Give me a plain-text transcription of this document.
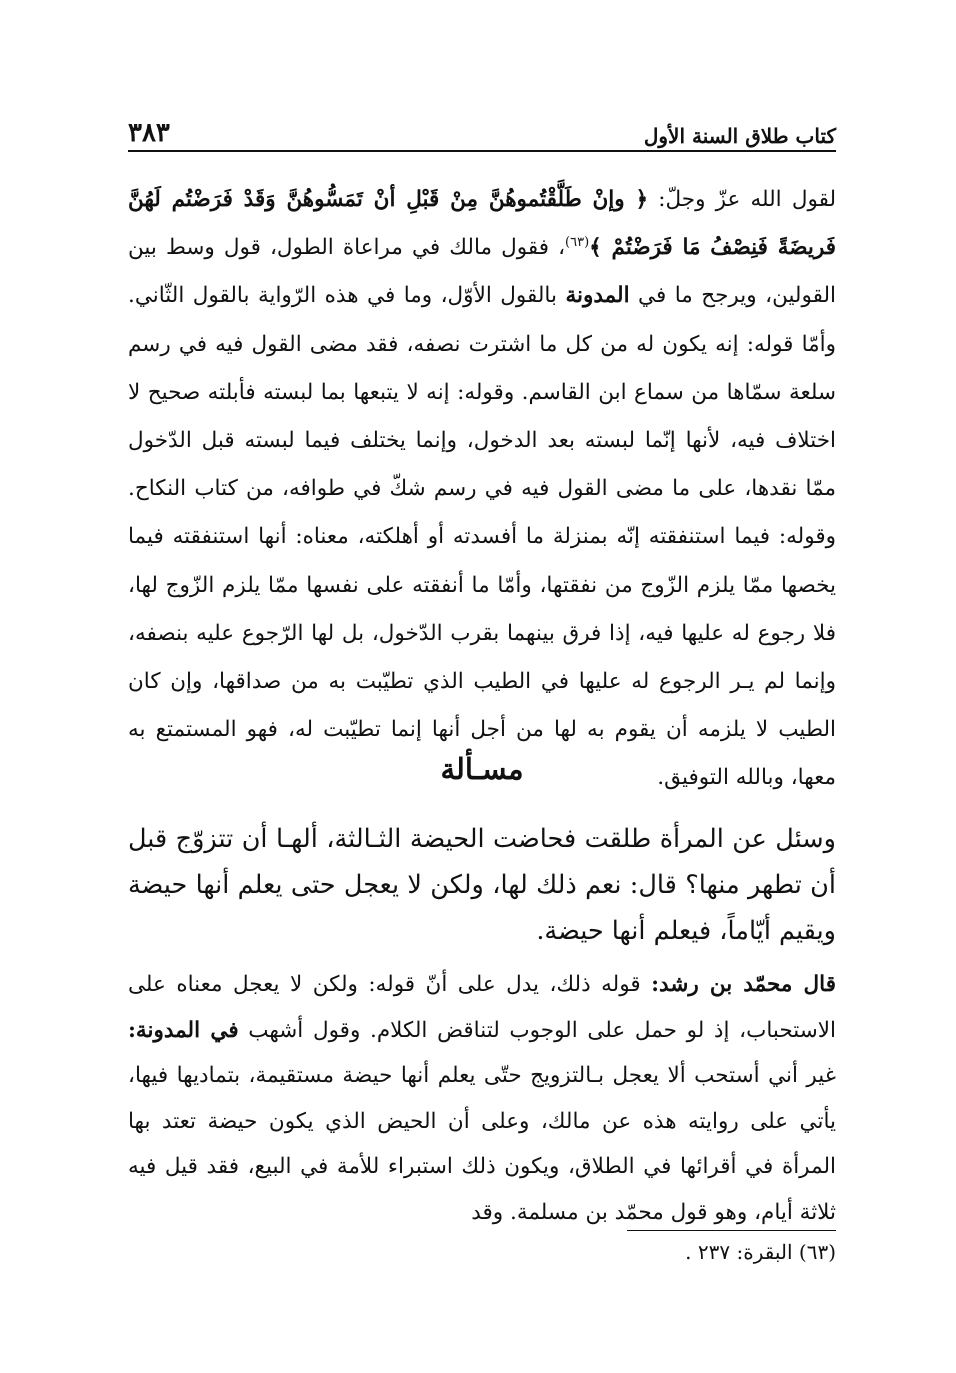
كتاب طلاق السنة الأول
٣٨٣
لقول الله عزّ وجلّ: ﴿ وإنْ طَلَّقْتُموهُنَّ مِنْ قَبْلِ أنْ تَمَسُّوهُنَّ وَقَدْ فَرَضْتُم لَهُنَّ فَريضَةً فَنِصْفُ مَا فَرَضْتُمْ ﴾$^{(٦٣)}$، فقول مالك في مراعاة الطول، قول وسط بين القولين، ويرجح ما في المدونة بالقول الأوّل، وما في هذه الرّواية بالقول الثّاني. وأمّا قوله: إنه يكون له من كل ما اشترت نصفه، فقد مضى القول فيه في رسم سلعة سمّاها من سماع ابن القاسم. وقوله: إنه لا يتبعها بما لبسته فأبلته صحيح لا اختلاف فيه، لأنها إنّما لبسته بعد الدخول، وإنما يختلف فيما لبسته قبل الدّخول ممّا نقدها، على ما مضى القول فيه في رسم شكّ في طوافه، من كتاب النكاح. وقوله: فيما استنفقته إنّه بمنزلة ما أفسدته أو أهلكته، معناه: أنها استنفقته فيما يخصها ممّا يلزم الزّوج من نفقتها، وأمّا ما أنفقته على نفسها ممّا يلزم الزّوج لها، فلا رجوع له عليها فيه، إذا فرق بينهما بقرب الدّخول، بل لها الرّجوع عليه بنصفه، وإنما لم يـر الرجوع له عليها في الطيب الذي تطيّبت به من صداقها، وإن كان الطيب لا يلزمه أن يقوم به لها من أجل أنها إنما تطيّبت له، فهو المستمتع به معها، وبالله التوفيق.
مسـألة
وسئل عن المرأة طلقت فحاضت الحيضة الثـالثة، ألهـا أن تتزوّج قبل أن تطهر منها؟ قال: نعم ذلك لها، ولكن لا يعجل حتى يعلم أنها حيضة ويقيم أيّاماً، فيعلم أنها حيضة.
قال محمّد بن رشد: قوله ذلك، يدل على أنّ قوله: ولكن لا يعجل معناه على الاستحباب، إذ لو حمل على الوجوب لتناقض الكلام. وقول أشهب في المدونة: غير أني أستحب ألا يعجل بـالتزويج حتّى يعلم أنها حيضة مستقيمة، بتماديها فيها، يأتي على روايته هذه عن مالك، وعلى أن الحيض الذي يكون حيضة تعتد بها المرأة في أقرائها في الطلاق، ويكون ذلك استبراء للأمة في البيع، فقد قيل فيه ثلاثة أيام، وهو قول محمّد بن مسلمة. وقد
(٦٣) البقرة: ٢٣٧ .
